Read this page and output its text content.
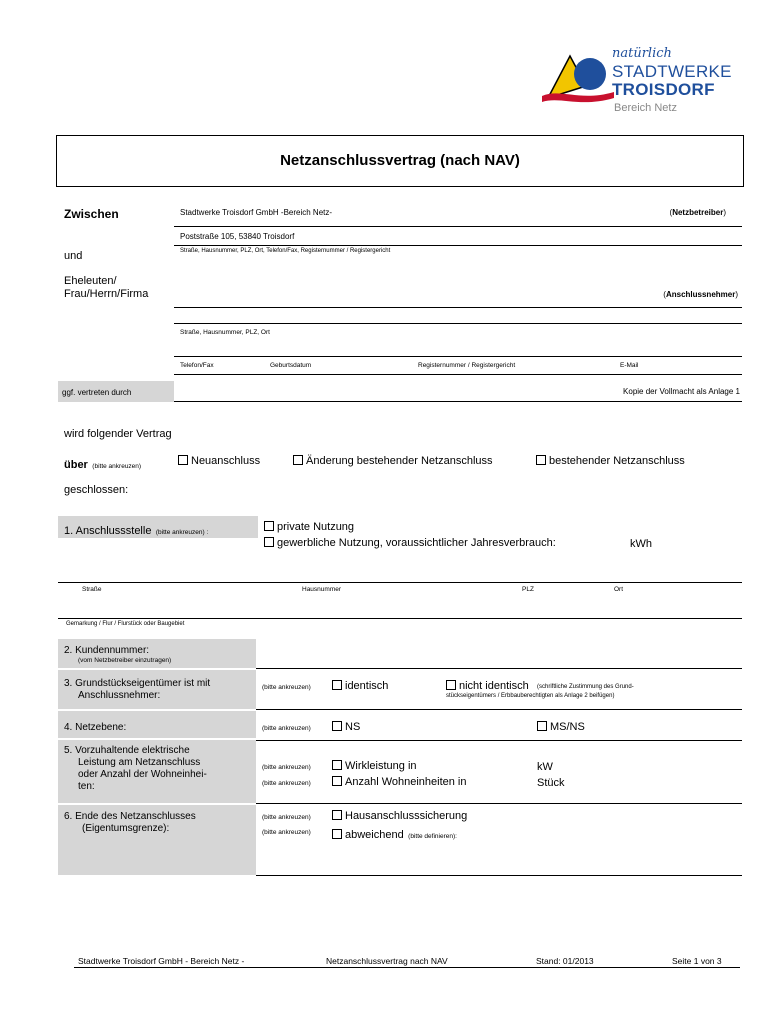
natürlich
STADTWERKE
TROISDORF
Bereich Netz
Netzanschlussvertrag (nach NAV)
Zwischen	Stadtwerke Troisdorf GmbH -Bereich Netz-	(Netzbetreiber)
Poststraße 105, 53840 Troisdorf
Straße, Hausnummer, PLZ, Ort, Telefon/Fax, Registernummer / Registergericht
und
Eheleuten/
Frau/Herrn/Firma	(Anschlussnehmer)
Straße, Hausnummer, PLZ, Ort
Telefon/Fax	Geburtsdatum	Registernummer / Registergericht	E-Mail
ggf. vertreten durch	Kopie der Vollmacht als Anlage 1
wird folgender Vertrag
über (bitte ankreuzen)	Neuanschluss	Änderung bestehender Netzanschluss	bestehender Netzanschluss
geschlossen:
1. Anschlussstelle (bitte ankreuzen) :	private Nutzung
gewerbliche Nutzung, voraussichtlicher Jahresverbrauch:	kWh
Straße	Hausnummer	PLZ	Ort
Gemarkung / Flur / Flurstück oder Baugebiet
2. Kundennummer:
(vom Netzbetreiber einzutragen)
3. Grundstückseigentümer ist mit
Anschlussnehmer:
(bitte ankreuzen)	identisch	nicht identisch (schriftliche Zustimmung des Grund-
stückseigentümers / Erbbauberechtigten als Anlage 2 beifügen)
4. Netzebene:	(bitte ankreuzen)	NS	MS/NS
5. Vorzuhaltende elektrische
Leistung am Netzanschluss
oder Anzahl der Wohneinhei-
ten:
(bitte ankreuzen)	Wirkleistung in	kW
(bitte ankreuzen)	Anzahl Wohneinheiten in	Stück
6. Ende des Netzanschlusses
(Eigentumsgrenze):
(bitte ankreuzen)	Hausanschlusssicherung
(bitte ankreuzen)	abweichend (bitte definieren):
Stadtwerke Troisdorf GmbH - Bereich Netz -	Netzanschlussvertrag nach NAV	Stand: 01/2013	Seite 1 von 3
